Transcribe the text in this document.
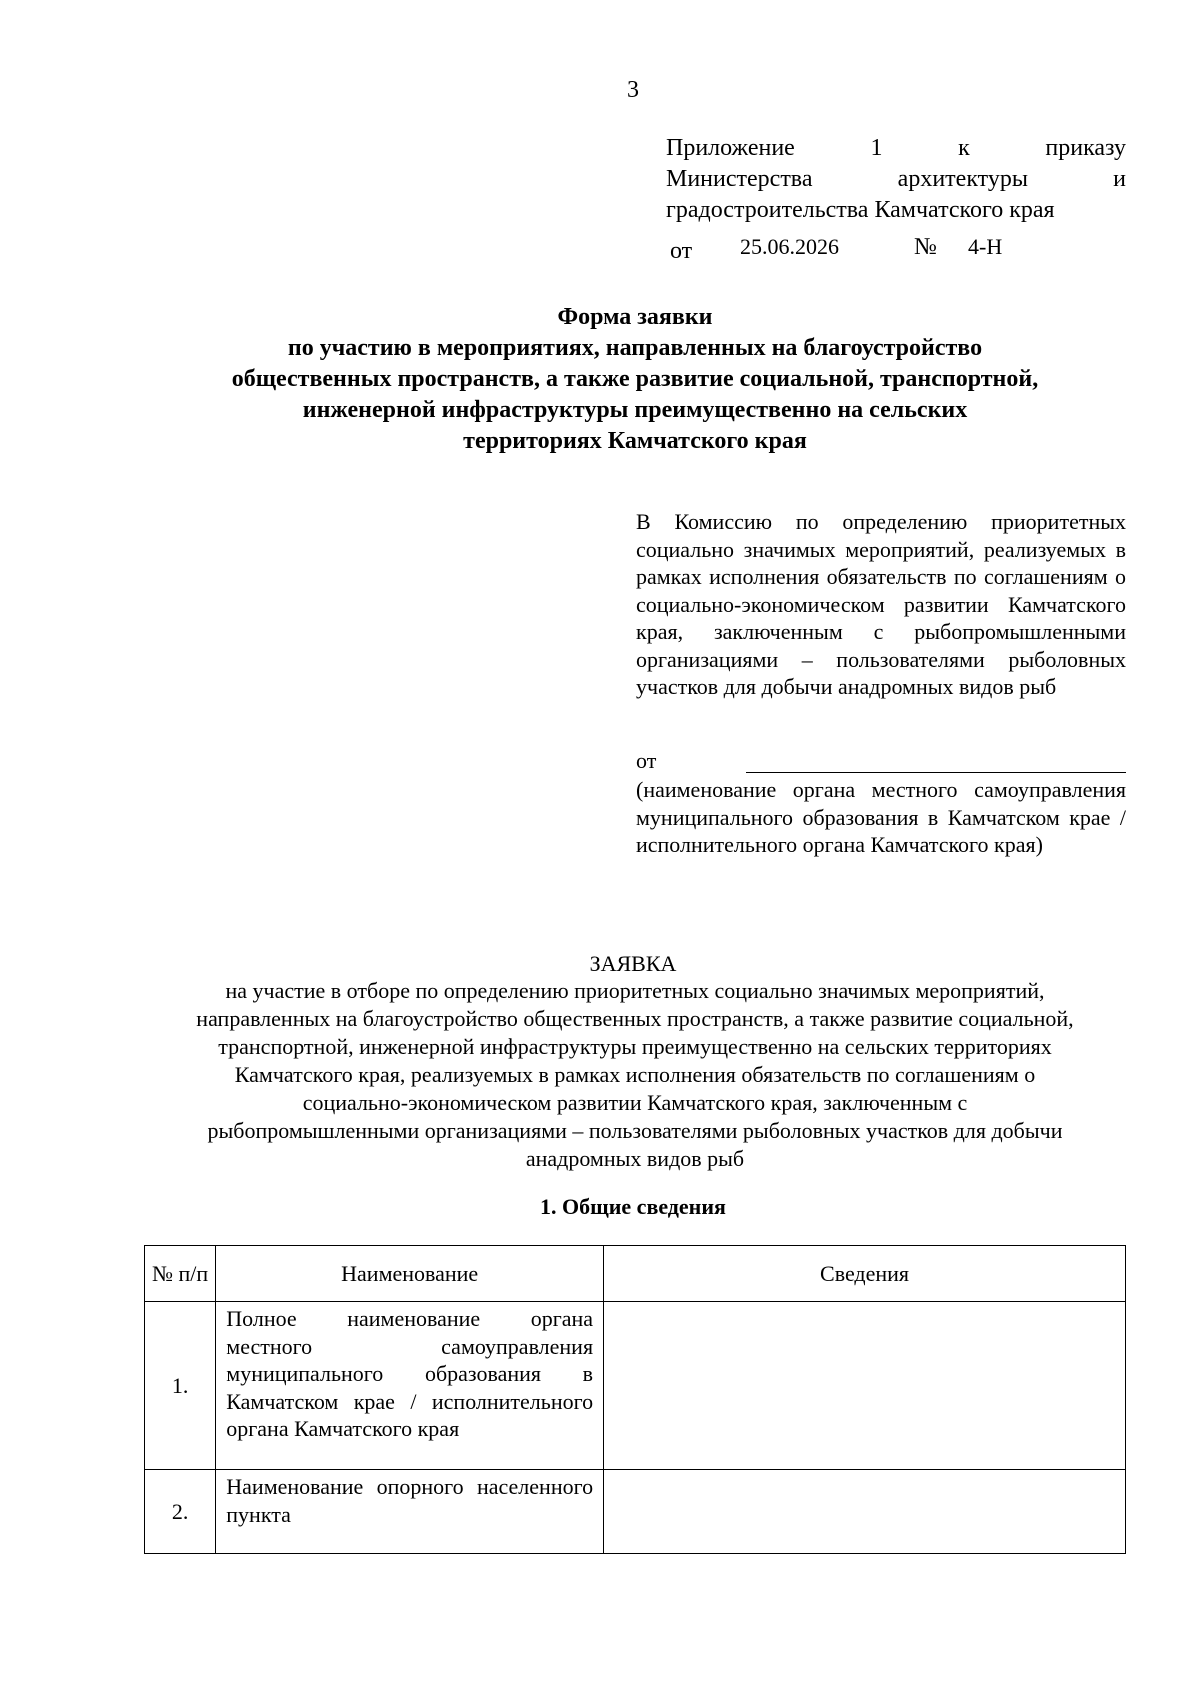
3
Приложение 1 к приказу
Министерства архитектуры и
градостроительства Камчатского края
от 25.06.2026	№ 4-Н
Форма заявки
по участию в мероприятиях, направленных на благоустройство
общественных пространств, а также развитие социальной, транспортной,
инженерной инфраструктуры преимущественно на сельских
территориях Камчатского края
В Комиссию по определению приоритетных социально значимых мероприятий, реализуемых в рамках исполнения обязательств по соглашениям о социально-экономическом развитии Камчатского края, заключенным с рыбопромышленными организациями – пользователями рыболовных участков для добычи анадромных видов рыб
от
(наименование органа местного самоуправления муниципального образования в Камчатском крае / исполнительного органа Камчатского края)
ЗАЯВКА
на участие в отборе по определению приоритетных социально значимых мероприятий,
направленных на благоустройство общественных пространств, а также развитие социальной,
транспортной, инженерной инфраструктуры преимущественно на сельских территориях
Камчатского края, реализуемых в рамках исполнения обязательств по соглашениям о
социально-экономическом развитии Камчатского края, заключенным с
рыбопромышленными организациями – пользователями рыболовных участков для добычи
анадромных видов рыб
1. Общие сведения
№ п/п	Наименование	Сведения
1.	Полное наименование органа местного самоуправления муниципального образования в Камчатском крае / исполнительного органа Камчатского края	
2.	Наименование опорного населенного пункта	
